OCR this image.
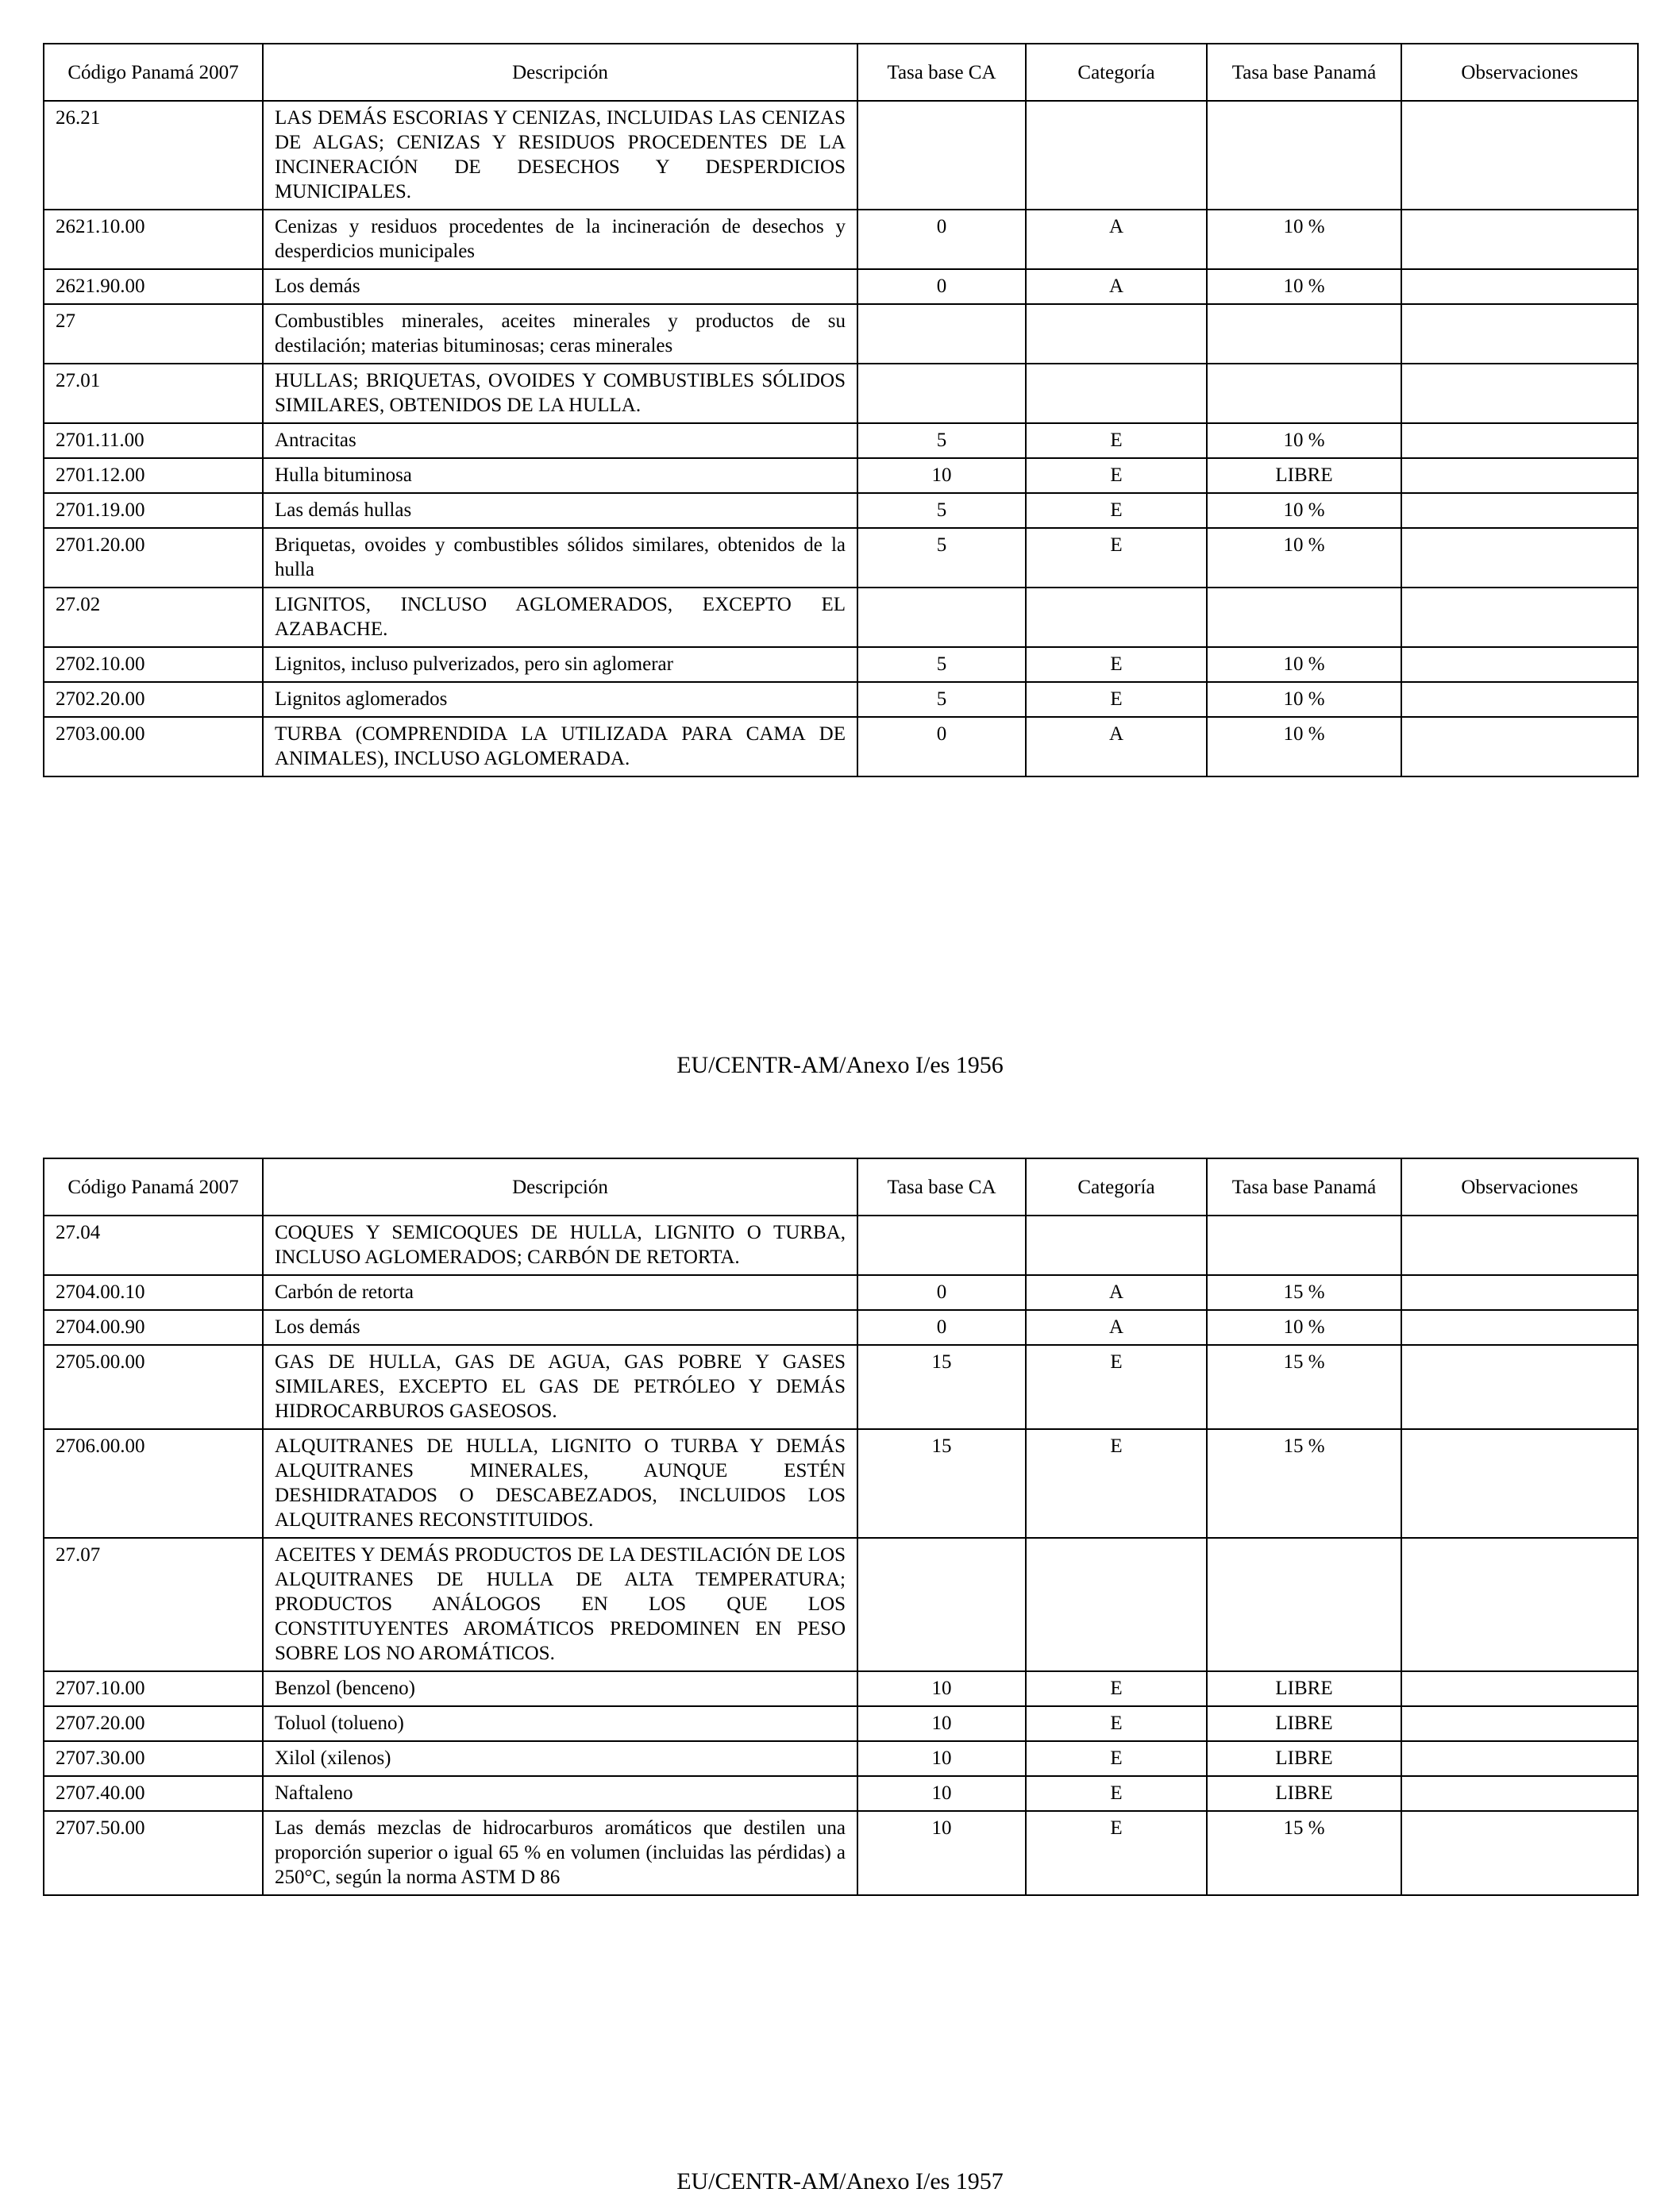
Código Panamá 2007	Descripción	Tasa base CA	Categoría	Tasa base Panamá	Observaciones
26.21	LAS DEMÁS ESCORIAS Y CENIZAS, INCLUIDAS LAS CENIZAS DE ALGAS; CENIZAS Y RESIDUOS PROCEDENTES DE LA INCINERACIÓN DE DESECHOS Y DESPERDICIOS MUNICIPALES.				
2621.10.00	Cenizas y residuos procedentes de la incineración de desechos y desperdicios municipales	0	A	10 %	
2621.90.00	Los demás	0	A	10 %	
27	Combustibles minerales, aceites minerales y productos de su destilación; materias bituminosas; ceras minerales				
27.01	HULLAS; BRIQUETAS, OVOIDES Y COMBUSTIBLES SÓLIDOS SIMILARES, OBTENIDOS DE LA HULLA.				
2701.11.00	Antracitas	5	E	10 %	
2701.12.00	Hulla bituminosa	10	E	LIBRE	
2701.19.00	Las demás hullas	5	E	10 %	
2701.20.00	Briquetas, ovoides y combustibles sólidos similares, obtenidos de la hulla	5	E	10 %	
27.02	LIGNITOS, INCLUSO AGLOMERADOS, EXCEPTO EL AZABACHE.				
2702.10.00	Lignitos, incluso pulverizados, pero sin aglomerar	5	E	10 %	
2702.20.00	Lignitos aglomerados	5	E	10 %	
2703.00.00	TURBA (COMPRENDIDA LA UTILIZADA PARA CAMA DE ANIMALES), INCLUSO AGLOMERADA.	0	A	10 %	
EU/CENTR-AM/Anexo I/es 1956
Código Panamá 2007	Descripción	Tasa base CA	Categoría	Tasa base Panamá	Observaciones
27.04	COQUES Y SEMICOQUES DE HULLA, LIGNITO O TURBA, INCLUSO AGLOMERADOS; CARBÓN DE RETORTA.				
2704.00.10	Carbón de retorta	0	A	15 %	
2704.00.90	Los demás	0	A	10 %	
2705.00.00	GAS DE HULLA, GAS DE AGUA, GAS POBRE Y GASES SIMILARES, EXCEPTO EL GAS DE PETRÓLEO Y DEMÁS HIDROCARBUROS GASEOSOS.	15	E	15 %	
2706.00.00	ALQUITRANES DE HULLA, LIGNITO O TURBA Y DEMÁS ALQUITRANES MINERALES, AUNQUE ESTÉN DESHIDRATADOS O DESCABEZADOS, INCLUIDOS LOS ALQUITRANES RECONSTITUIDOS.	15	E	15 %	
27.07	ACEITES Y DEMÁS PRODUCTOS DE LA DESTILACIÓN DE LOS ALQUITRANES DE HULLA DE ALTA TEMPERATURA; PRODUCTOS ANÁLOGOS EN LOS QUE LOS CONSTITUYENTES AROMÁTICOS PREDOMINEN EN PESO SOBRE LOS NO AROMÁTICOS.				
2707.10.00	Benzol (benceno)	10	E	LIBRE	
2707.20.00	Toluol (tolueno)	10	E	LIBRE	
2707.30.00	Xilol (xilenos)	10	E	LIBRE	
2707.40.00	Naftaleno	10	E	LIBRE	
2707.50.00	Las demás mezclas de hidrocarburos aromáticos que destilen una proporción superior o igual 65 % en volumen (incluidas las pérdidas) a 250°C, según la norma ASTM D 86	10	E	15 %	
EU/CENTR-AM/Anexo I/es 1957
